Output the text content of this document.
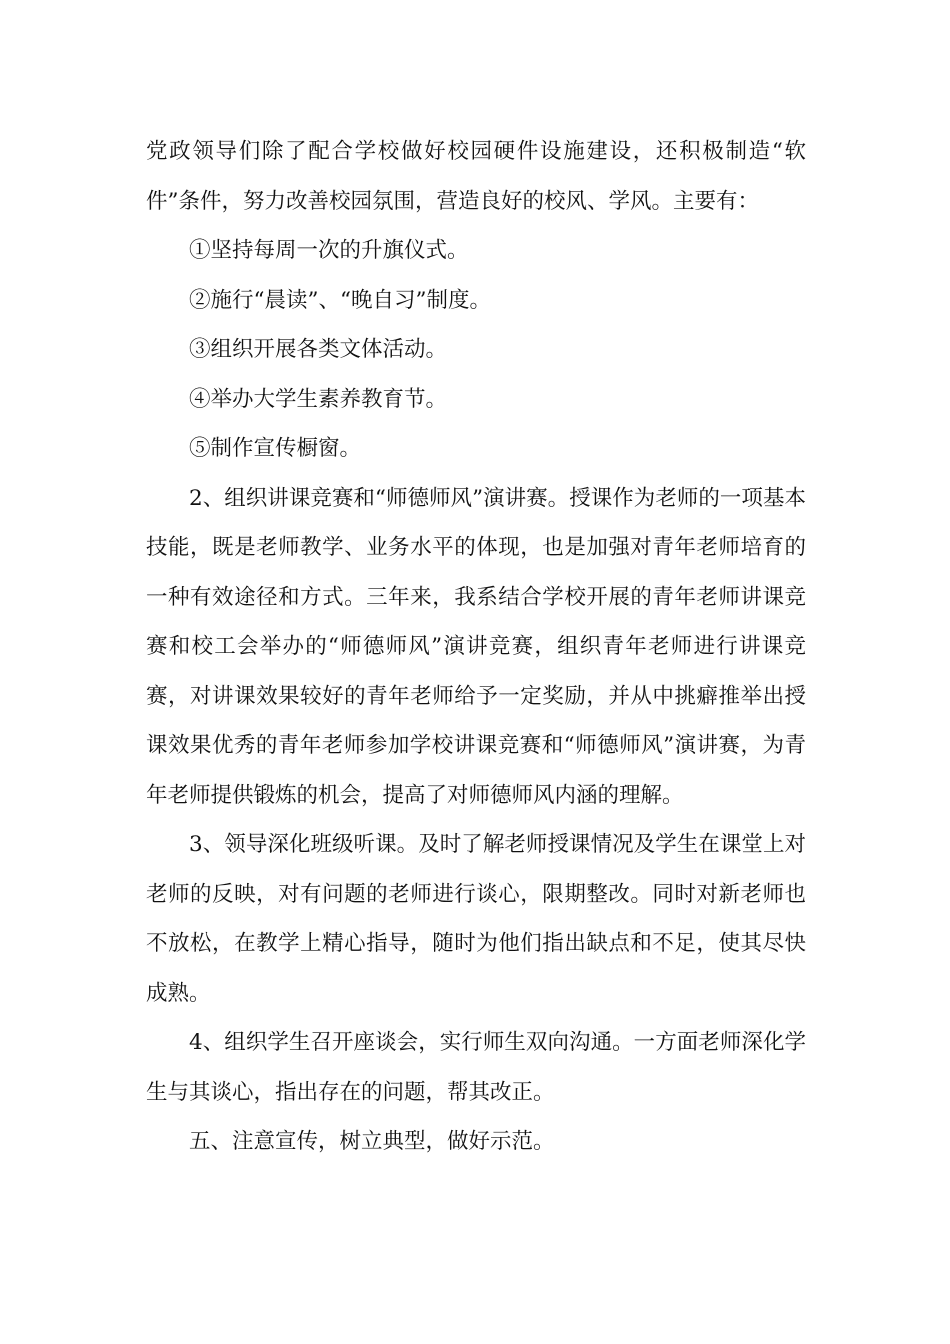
党政领导们除了配合学校做好校园硬件设施建设，还积极制造“软件”条件，努力改善校园氛围，营造良好的校风、学风。主要有：

①坚持每周一次的升旗仪式。

②施行“晨读”、“晚自习”制度。

③组织开展各类文体活动。

④举办大学生素养教育节。

⑤制作宣传橱窗。

2、组织讲课竞赛和“师德师风”演讲赛。授课作为老师的一项基本技能，既是老师教学、业务水平的体现，也是加强对青年老师培育的一种有效途径和方式。三年来，我系结合学校开展的青年老师讲课竞赛和校工会举办的“师德师风”演讲竞赛，组织青年老师进行讲课竞赛，对讲课效果较好的青年老师给予一定奖励，并从中挑癖推举出授课效果优秀的青年老师参加学校讲课竞赛和“师德师风”演讲赛，为青年老师提供锻炼的机会，提高了对师德师风内涵的理解。

3、领导深化班级听课。及时了解老师授课情况及学生在课堂上对老师的反映，对有问题的老师进行谈心，限期整改。同时对新老师也不放松，在教学上精心指导，随时为他们指出缺点和不足，使其尽快成熟。

4、组织学生召开座谈会，实行师生双向沟通。一方面老师深化学生与其谈心，指出存在的问题，帮其改正。

五、注意宣传，树立典型，做好示范。
